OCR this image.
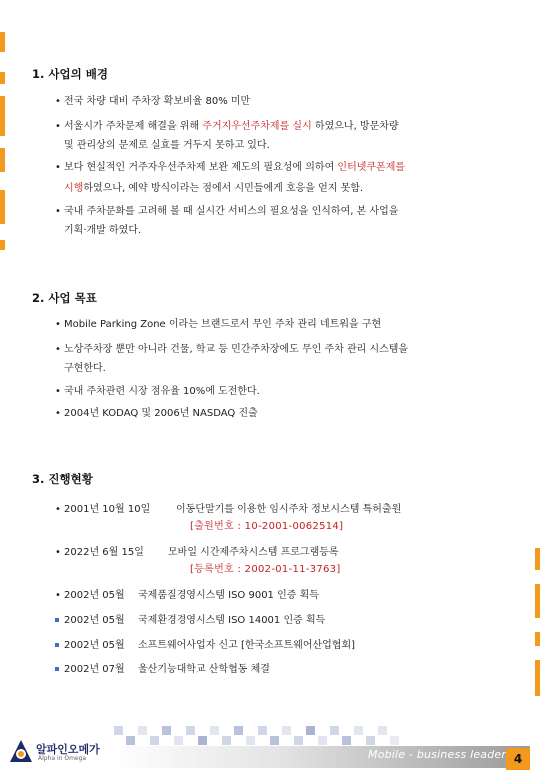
1. 사업의 배경
• 전국 차량 대비 주차장 확보비율 80% 미만
• 서울시가 주차문제 해결을 위해 주거지우선주차제를 실시 하였으나, 방문차량
및 관리상의 문제로 실효를 거두지 못하고 있다.
• 보다 현실적인 거주자우선주차제 보완 제도의 필요성에 의하여 인터넷쿠폰제를
시행하였으나, 예약 방식이라는 점에서 시민들에게 호응을 얻지 못함.
• 국내 주차문화를 고려해 볼 때 실시간 서비스의 필요성을 인식하여, 본 사업을
기획·개발 하였다.
2. 사업 목표
• Mobile Parking Zone 이라는 브랜드로서 무인 주차 관리 네트워을 구현
• 노상주차장 뿐만 아니라 건물, 학교 등 민간주차장에도 무인 주차 관리 시스템을
구현한다.
• 국내 주차관련 시장 점유율 10%에 도전한다.
• 2004년 KODAQ 및 2006년 NASDAQ 진출
3. 진행현황
• 2001년 10월 10일	이동단말기를 이용한 임시주차 정보시스템 특허출원
[출원번호 : 10-2001-0062514]
• 2022년 6월 15일 모바일 시간제주차시스템 프로그램등록
[등록번호 : 2002-01-11-3763]
• 2002년 05월 국제품질경영시스템 ISO 9001 인증 획득
2002년 05월 국제환경경영시스템 ISO 14001 인증 획득
2002년 05월 소프트웨어사업자 신고 [한국소프트웨어산업협회]
2002년 07월 울산기능대학교 산학협동 체결
알파인오메가
Alpha in Omega	Mobile - business leader 4
